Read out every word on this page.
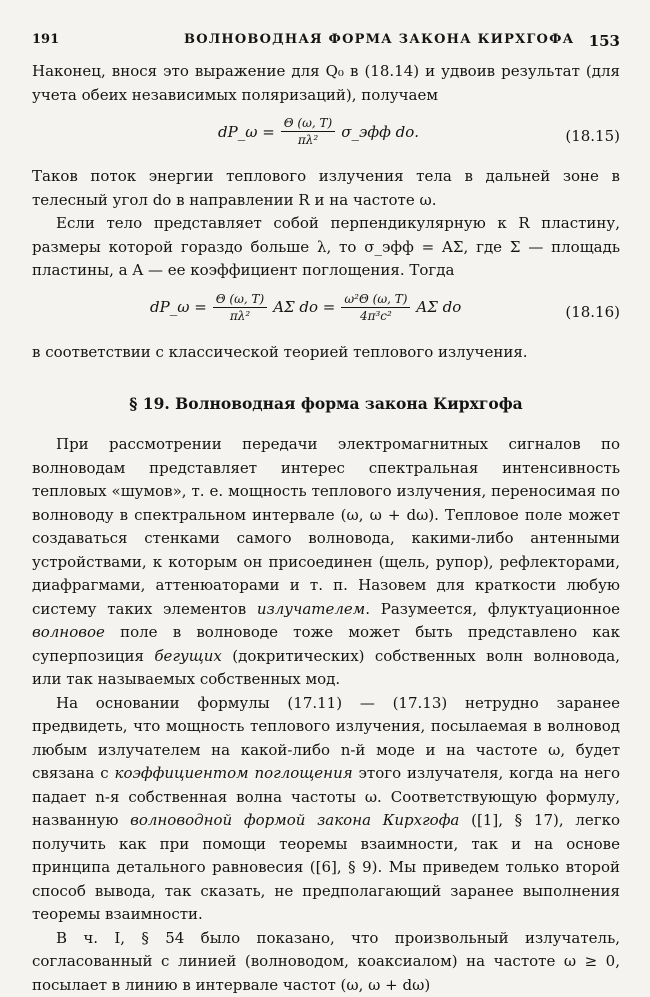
191	ВОЛНОВОДНАЯ ФОРМА ЗАКОНА КИРХГОФА 153

Наконец, внося это выражение для Q₀ в (18.14) и удвоив результат (для учета обеих независимых поляризаций), получаем

dP_ω = $\frac{\Theta (\omega, T)}{\text{πλ²}}$ σ_эфф dо.	(18.15)

Таков поток энергии теплового излучения тела в дальней зоне в телесный угол dо в направлении R и на частоте ω.

Если тело представляет собой перпендикулярную к R пластину, размеры которой гораздо больше λ, то σ_эфф = AΣ, где Σ — площадь пластины, а A — ее коэффициент поглощения. Тогда

dP_ω = $\frac{\Theta (\omega, T)}{\text{πλ²}}$ AΣ dо = $\frac{\text{ω²Θ (ω, T)}}{\text{4π³c²}}$ AΣ dо	(18.16)

в соответствии с классической теорией теплового излучения.

§ 19. Волноводная форма закона Кирхгофа

При рассмотрении передачи электромагнитных сигналов по волноводам представляет интерес спектральная интенсивность тепловых «шумов», т. е. мощность теплового излучения, переносимая по волноводу в спектральном интервале (ω, ω + dω). Тепловое поле может создаваться стенками самого волновода, какими-либо антенными устройствами, к которым он присоединен (щель, рупор), рефлекторами, диафрагмами, аттенюаторами и т. п. Назовем для краткости любую систему таких элементов излучателем. Разумеется, флуктуационное волновое поле в волноводе тоже может быть представлено как суперпозиция бегущих (докритических) собственных волн волновода, или так называемых собственных мод.

На основании формулы (17.11) — (17.13) нетрудно заранее предвидеть, что мощность теплового излучения, посылаемая в волновод любым излучателем на какой-либо n-й моде и на частоте ω, будет связана с коэффициентом поглощения этого излучателя, когда на него падает n-я собственная волна частоты ω. Соответствующую формулу, названную волноводной формой закона Кирхгофа ([1], § 17), легко получить как при помощи теоремы взаимности, так и на основе принципа детального равновесия ([6], § 9). Мы приведем только второй способ вывода, так сказать, не предполагающий заранее выполнения теоремы взаимности.

В ч. I, § 54 было показано, что произвольный излучатель, согласованный с линией (волноводом, коаксиалом) на частоте ω ≥ 0, посылает в линию в интервале частот (ω, ω + dω)
